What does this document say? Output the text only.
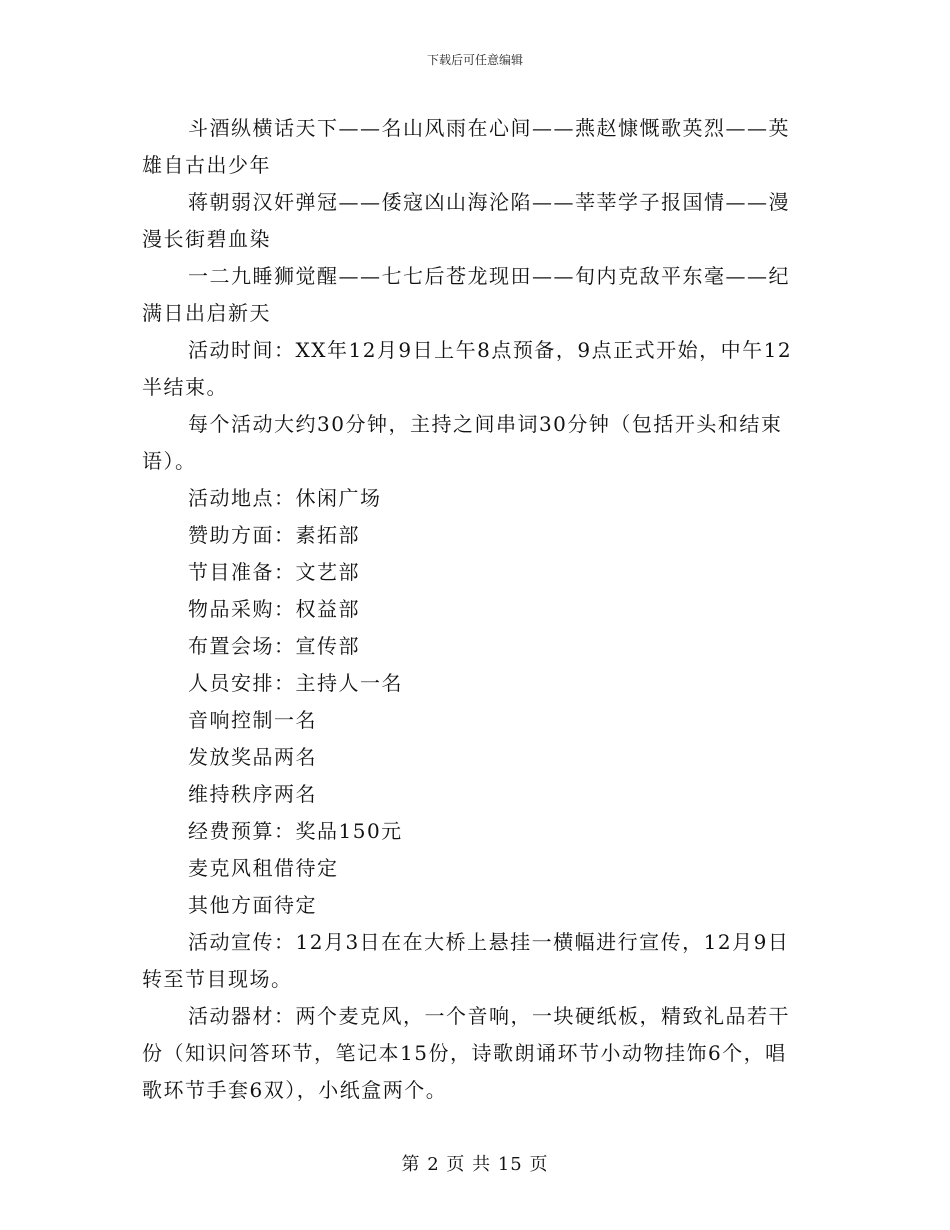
下载后可任意编辑

斗酒纵横话天下——名山风雨在心间——燕赵慷慨歌英烈——英雄自古出少年

蒋朝弱汉奸弹冠——倭寇凶山海沦陷——莘莘学子报国情——漫漫长街碧血染

一二九睡狮觉醒——七七后苍龙现田——旬内克敌平东毫——纪满日出启新天

活动时间：XX年12月9日上午8点预备，9点正式开始，中午12半结束。

每个活动大约30分钟，主持之间串词30分钟（包括开头和结束语）。

活动地点：休闲广场

赞助方面：素拓部

节目准备：文艺部

物品采购：权益部

布置会场：宣传部

人员安排：主持人一名

音响控制一名

发放奖品两名

维持秩序两名

经费预算：奖品150元

麦克风租借待定

其他方面待定

活动宣传：12月3日在在大桥上悬挂一横幅进行宣传，12月9日转至节目现场。

活动器材：两个麦克风，一个音响，一块硬纸板，精致礼品若干份（知识问答环节，笔记本15份，诗歌朗诵环节小动物挂饰6个，唱歌环节手套6双），小纸盒两个。

第 2 页 共 15 页
